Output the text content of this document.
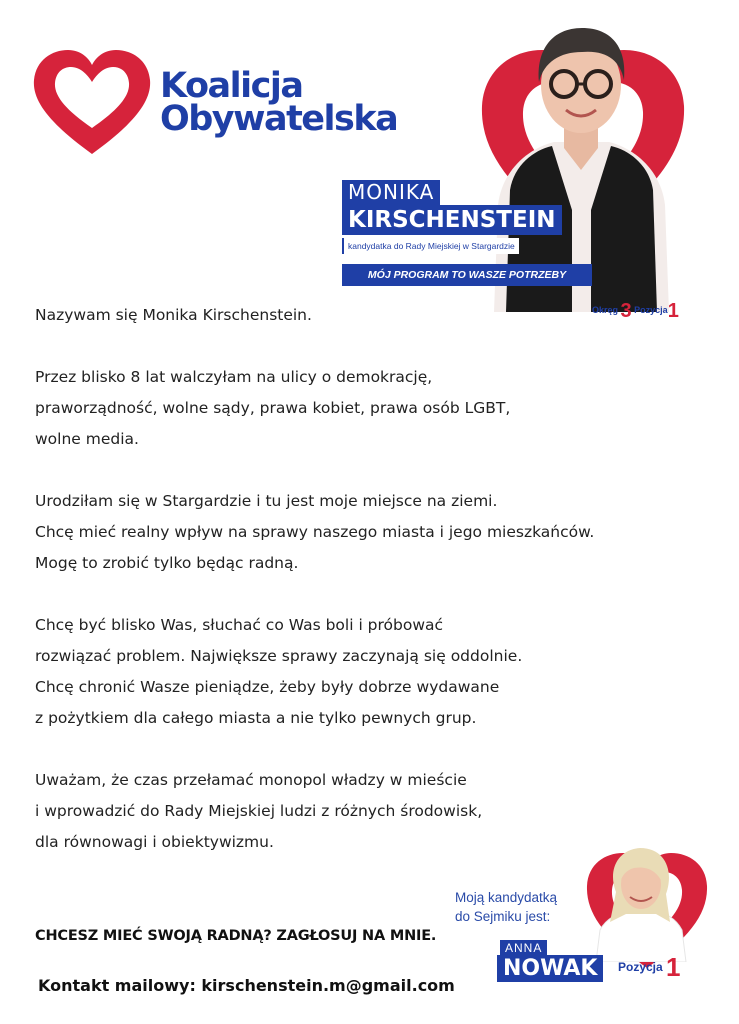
Koalicja
Obywatelska
MONIKA
KIRSCHENSTEIN
kandydatka do Rady Miejskiej w Stargardzie
MÓJ PROGRAM TO WASZE POTRZEBY
Okręg 3 Pozycja1
Nazywam się Monika Kirschenstein.
Przez blisko 8 lat walczyłam na ulicy o demokrację,
praworządność, wolne sądy, prawa kobiet, prawa osób LGBT,
wolne media.
Urodziłam się w Stargardzie i tu jest moje miejsce na ziemi.
Chcę mieć realny wpływ na sprawy naszego miasta i jego mieszkańców.
Mogę to zrobić tylko będąc radną.
Chcę być blisko Was, słuchać co Was boli i próbować
rozwiązać problem. Największe sprawy zaczynają się oddolnie.
Chcę chronić Wasze pieniądze, żeby były dobrze wydawane
z pożytkiem dla całego miasta a nie tylko pewnych grup.
Uważam, że czas przełamać monopol władzy w mieście
i wprowadzić do Rady Miejskiej ludzi z różnych środowisk,
dla równowagi i obiektywizmu.
CHCESZ MIEĆ SWOJĄ RADNĄ? ZAGŁOSUJ NA MNIE.
Kontakt mailowy: kirschenstein.m@gmail.com
Moją kandydatką
do Sejmiku jest:
ANNA
NOWAK	Pozycja 1
